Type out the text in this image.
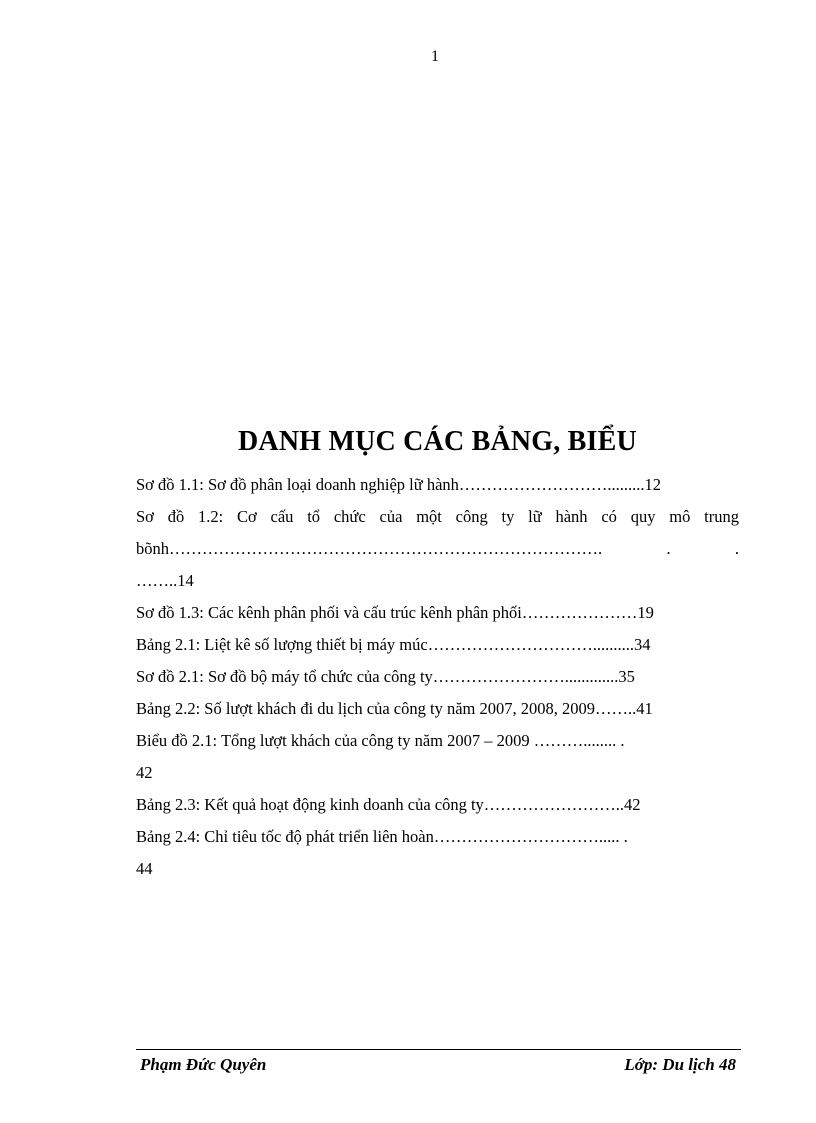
1
DANH MỤC CÁC BẢNG, BIỂU
Sơ đồ 1.1: Sơ đồ phân loại doanh nghiệp lữ hành……………………….........12
Sơ đồ 1.2: Cơ cấu tổ chức của một công ty lữ hành có quy mô trung
bõnh……………………………………………………………………. . .
……..14
Sơ đồ 1.3: Các kênh phân phối và cấu trúc kênh phân phối…………………19
Bảng 2.1: Liệt kê số lượng thiết bị máy múc…………………………..........34
Sơ đồ 2.1: Sơ đồ bộ máy tổ chức của công ty…………………….............35
Bảng 2.2: Số lượt khách đi du lịch của công ty năm 2007, 2008, 2009……..41
Biểu đồ 2.1: Tổng lượt khách của công ty năm 2007 – 2009 ………........ .
42
Bảng 2.3: Kết quả hoạt động kinh doanh của công ty……………………..42
Bảng 2.4: Chỉ tiêu tốc độ phát triển liên hoàn…………………………..... .
44
Phạm Đức Quyên	Lớp: Du lịch 48
